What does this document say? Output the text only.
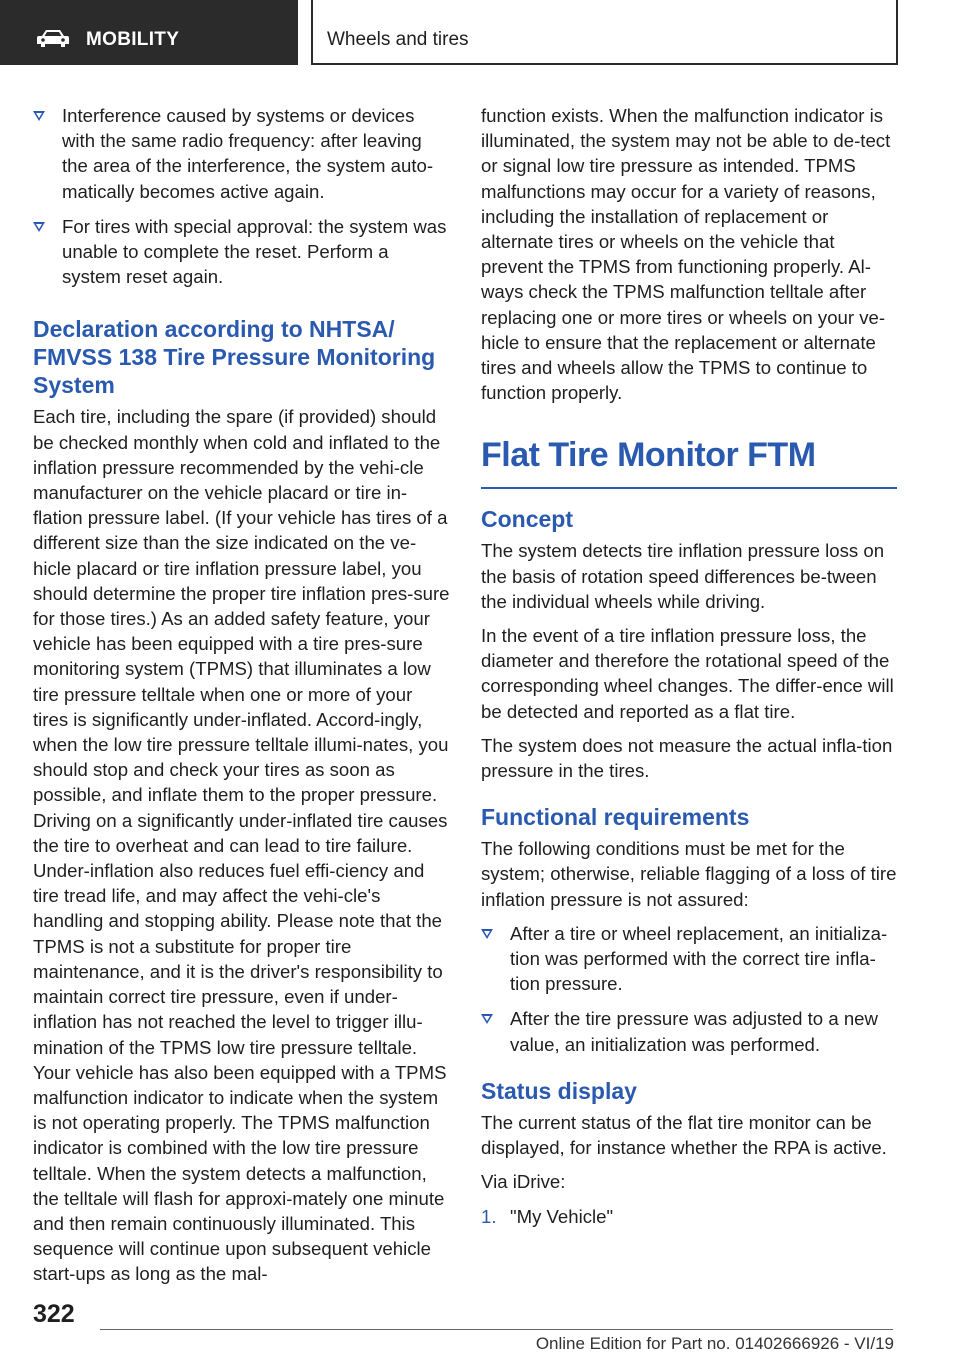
MOBILITY	Wheels and tires
Interference caused by systems or devices with the same radio frequency: after leaving the area of the interference, the system auto‐matically becomes active again.
For tires with special approval: the system was unable to complete the reset. Perform a system reset again.
Declaration according to NHTSA/ FMVSS 138 Tire Pressure Monitoring System

Each tire, including the spare (if provided) should be checked monthly when cold and inflated to the inflation pressure recommended by the vehi‐cle manufacturer on the vehicle placard or tire in‐flation pressure label. (If your vehicle has tires of a different size than the size indicated on the ve‐hicle placard or tire inflation pressure label, you should determine the proper tire inflation pres‐sure for those tires.) As an added safety feature, your vehicle has been equipped with a tire pres‐sure monitoring system (TPMS) that illuminates a low tire pressure telltale when one or more of your tires is significantly under-inflated. Accord‐ingly, when the low tire pressure telltale illumi‐nates, you should stop and check your tires as soon as possible, and inflate them to the proper pressure. Driving on a significantly under-inflated tire causes the tire to overheat and can lead to tire failure. Under-inflation also reduces fuel effi‐ciency and tire tread life, and may affect the vehi‐cle's handling and stopping ability. Please note that the TPMS is not a substitute for proper tire maintenance, and it is the driver's responsibility to maintain correct tire pressure, even if under-inflation has not reached the level to trigger illu‐mination of the TPMS low tire pressure telltale. Your vehicle has also been equipped with a TPMS malfunction indicator to indicate when the system is not operating properly. The TPMS malfunction indicator is combined with the low tire pressure telltale. When the system detects a malfunction, the telltale will flash for approxi‐mately one minute and then remain continuously illuminated. This sequence will continue upon subsequent vehicle start-ups as long as the mal‐

function exists. When the malfunction indicator is illuminated, the system may not be able to de‐tect or signal low tire pressure as intended. TPMS malfunctions may occur for a variety of reasons, including the installation of replacement or alternate tires or wheels on the vehicle that prevent the TPMS from functioning properly. Al‐ways check the TPMS malfunction telltale after replacing one or more tires or wheels on your ve‐hicle to ensure that the replacement or alternate tires and wheels allow the TPMS to continue to function properly.

Flat Tire Monitor FTM
Concept

The system detects tire inflation pressure loss on the basis of rotation speed differences be‐tween the individual wheels while driving.

In the event of a tire inflation pressure loss, the diameter and therefore the rotational speed of the corresponding wheel changes. The differ‐ence will be detected and reported as a flat tire.

The system does not measure the actual infla‐tion pressure in the tires.

Functional requirements

The following conditions must be met for the system; otherwise, reliable flagging of a loss of tire inflation pressure is not assured:

After a tire or wheel replacement, an initializa‐tion was performed with the correct tire infla‐tion pressure.
After the tire pressure was adjusted to a new value, an initialization was performed.
Status display

The current status of the flat tire monitor can be displayed, for instance whether the RPA is active.

Via iDrive:

1. "My Vehicle"
322
Online Edition for Part no. 01402666926 - VI/19
